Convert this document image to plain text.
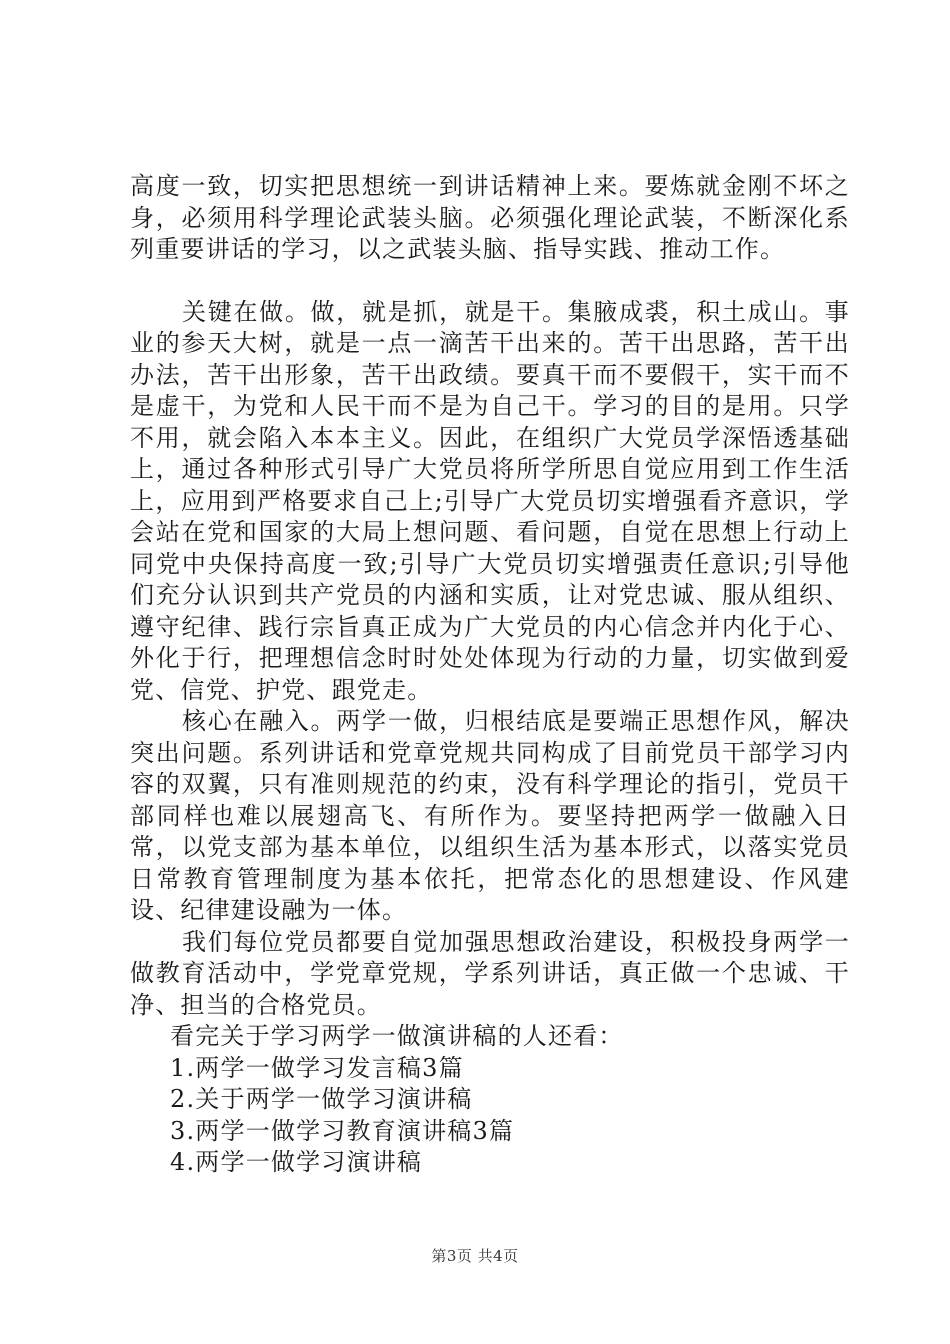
高度一致，切实把思想统一到讲话精神上来。要炼就金刚不坏之身，必须用科学理论武装头脑。必须强化理论武装，不断深化系列重要讲话的学习，以之武装头脑、指导实践、推动工作。

关键在做。做，就是抓，就是干。集腋成裘，积土成山。事业的参天大树，就是一点一滴苦干出来的。苦干出思路，苦干出办法，苦干出形象，苦干出政绩。要真干而不要假干，实干而不是虚干，为党和人民干而不是为自己干。学习的目的是用。只学不用，就会陷入本本主义。因此，在组织广大党员学深悟透基础上，通过各种形式引导广大党员将所学所思自觉应用到工作生活上，应用到严格要求自己上;引导广大党员切实增强看齐意识，学会站在党和国家的大局上想问题、看问题，自觉在思想上行动上同党中央保持高度一致;引导广大党员切实增强责任意识;引导他们充分认识到共产党员的内涵和实质，让对党忠诚、服从组织、遵守纪律、践行宗旨真正成为广大党员的内心信念并内化于心、外化于行，把理想信念时时处处体现为行动的力量，切实做到爱党、信党、护党、跟党走。

核心在融入。两学一做，归根结底是要端正思想作风，解决突出问题。系列讲话和党章党规共同构成了目前党员干部学习内容的双翼，只有准则规范的约束，没有科学理论的指引，党员干部同样也难以展翅高飞、有所作为。要坚持把两学一做融入日常，以党支部为基本单位，以组织生活为基本形式，以落实党员日常教育管理制度为基本依托，把常态化的思想建设、作风建设、纪律建设融为一体。

我们每位党员都要自觉加强思想政治建设，积极投身两学一做教育活动中，学党章党规，学系列讲话，真正做一个忠诚、干净、担当的合格党员。

看完关于学习两学一做演讲稿的人还看：

1.两学一做学习发言稿3篇
2.关于两学一做学习演讲稿
3.两学一做学习教育演讲稿3篇
4.两学一做学习演讲稿
第3页 共4页
